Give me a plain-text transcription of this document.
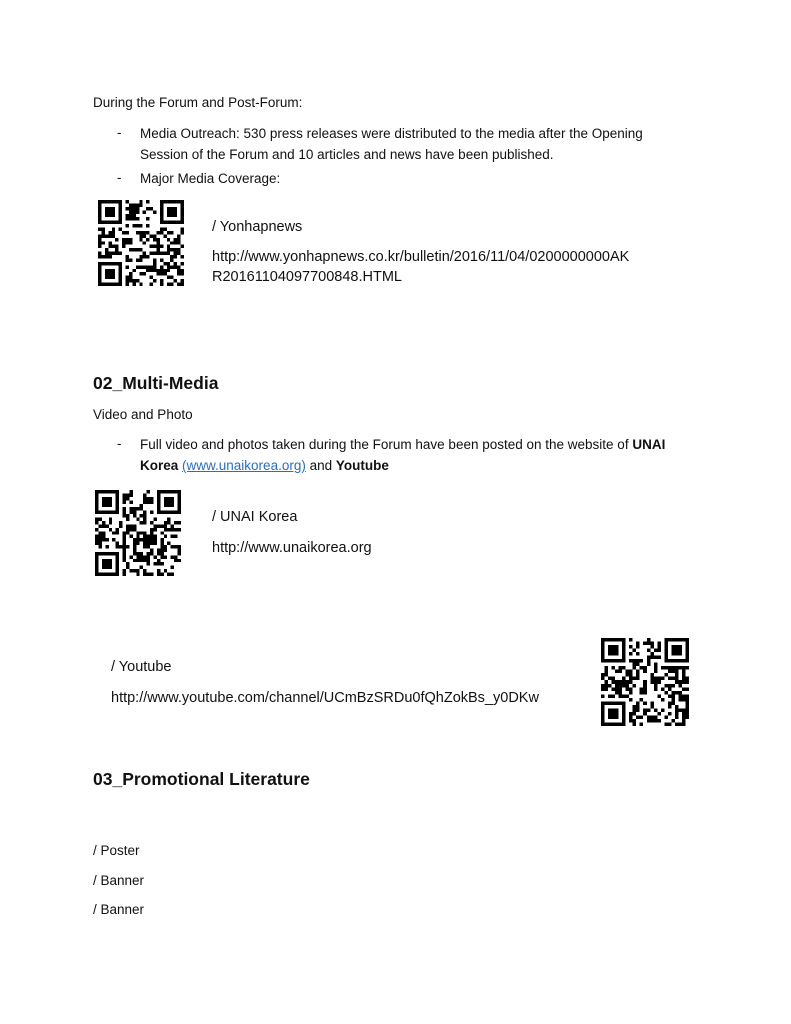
During the Forum and Post-Forum:
- Media Outreach: 530 press releases were distributed to the media after the Opening
Session of the Forum and 10 articles and news have been published.
- Major Media Coverage:
/ Yonhapnews
http://www.yonhapnews.co.kr/bulletin/2016/11/04/0200000000AK
R20161104097700848.HTML
02_Multi-Media
Video and Photo
- Full video and photos taken during the Forum have been posted on the website of UNAI
Korea (www.unaikorea.org) and Youtube
/ UNAI Korea
http://www.unaikorea.org
/ Youtube
http://www.youtube.com/channel/UCmBzSRDu0fQhZokBs_y0DKw
03_Promotional Literature
/ Poster
/ Banner
/ Banner
